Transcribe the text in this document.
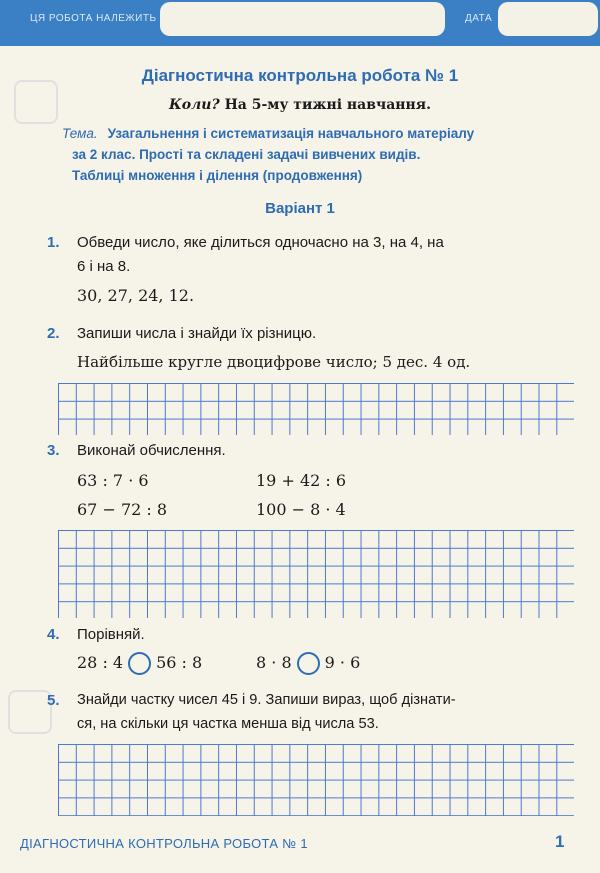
ЦЯ РОБОТА НАЛЕЖИТЬ	ДАТА
Діагностична контрольна робота № 1
Коли? На 5-му тижні навчання.
Тема. Узагальнення і систематизація навчального матеріалу
за 2 клас. Прості та складені задачі вивчених видів.
Таблиці множення і ділення (продовження)
Варіант 1
1. Обведи число, яке ділиться одночасно на 3, на 4, на
6 і на 8.
30, 27, 24, 12.
2. Запиши числа і знайди їх різницю.
Найбільше кругле двоцифрове число; 5 дес. 4 од.
3. Виконай обчислення.
63 : 7 · 6	19 + 42 : 6
67 − 72 : 8	100 − 8 · 4
4. Порівняй.
28 : 4 56 : 8	8 · 8 9 · 6
5. Знайди частку чисел 45 і 9. Запиши вираз, щоб дізнати-
ся, на скільки ця частка менша від числа 53.
ДІАГНОСТИЧНА КОНТРОЛЬНА РОБОТА № 1	1
